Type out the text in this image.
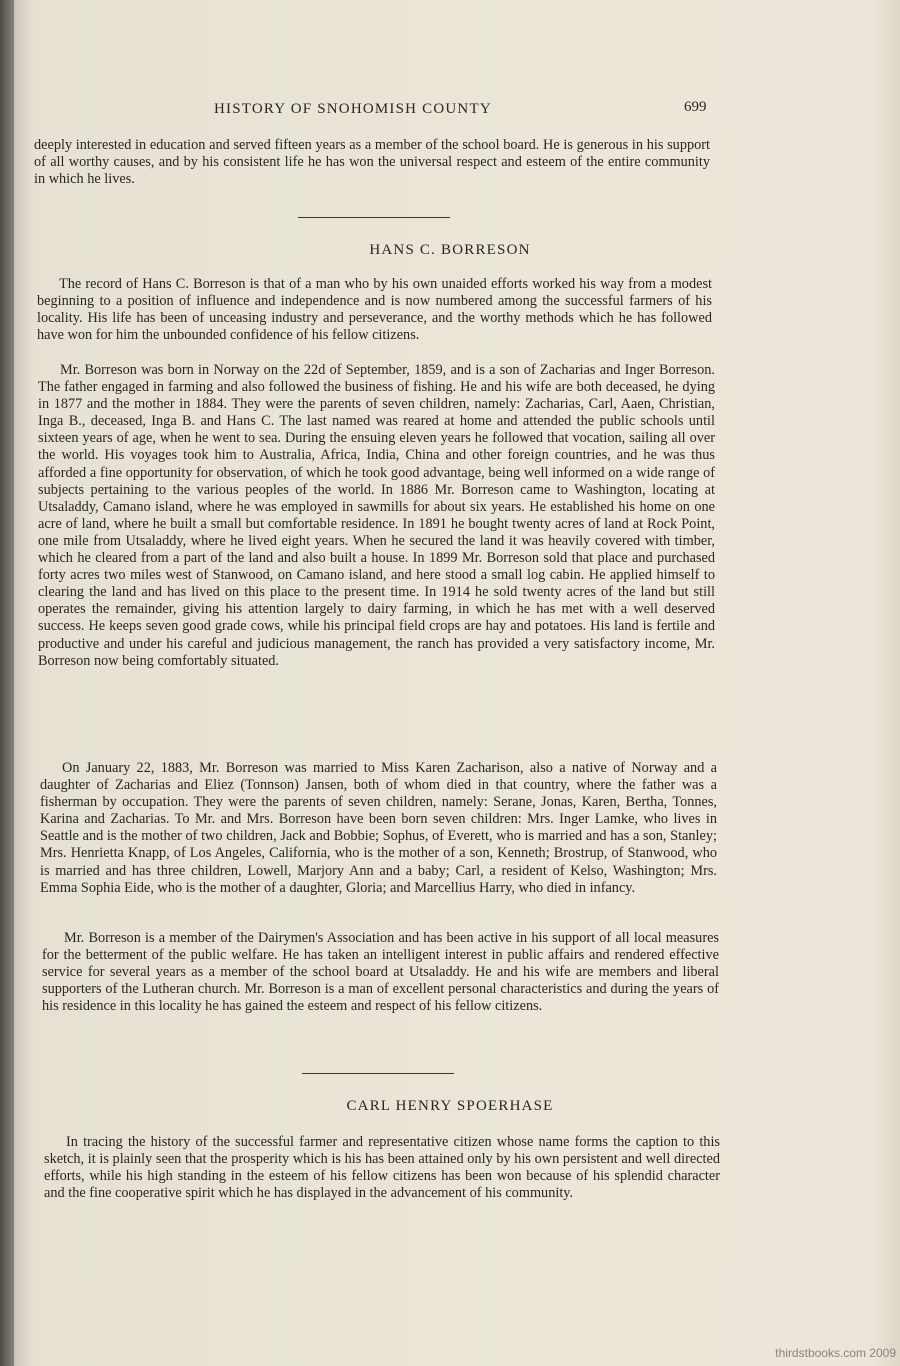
HISTORY OF SNOHOMISH COUNTY	699

deeply interested in education and served fifteen years as a member of the school board. He is generous in his support of all worthy causes, and by his consistent life he has won the universal respect and esteem of the entire community in which he lives.

HANS C. BORRESON

The record of Hans C. Borreson is that of a man who by his own unaided efforts worked his way from a modest beginning to a position of influence and independence and is now numbered among the successful farmers of his locality. His life has been of unceasing industry and perseverance, and the worthy methods which he has followed have won for him the unbounded confidence of his fellow citizens.

Mr. Borreson was born in Norway on the 22d of September, 1859, and is a son of Zacharias and Inger Borreson. The father engaged in farming and also followed the business of fishing. He and his wife are both deceased, he dying in 1877 and the mother in 1884. They were the parents of seven children, namely: Zacharias, Carl, Aaen, Christian, Inga B., deceased, Inga B. and Hans C. The last named was reared at home and attended the public schools until sixteen years of age, when he went to sea. During the ensuing eleven years he followed that vocation, sailing all over the world. His voyages took him to Australia, Africa, India, China and other foreign countries, and he was thus afforded a fine opportunity for observation, of which he took good advantage, being well informed on a wide range of subjects pertaining to the various peoples of the world. In 1886 Mr. Borreson came to Washington, locating at Utsaladdy, Camano island, where he was employed in sawmills for about six years. He established his home on one acre of land, where he built a small but comfortable residence. In 1891 he bought twenty acres of land at Rock Point, one mile from Utsaladdy, where he lived eight years. When he secured the land it was heavily covered with timber, which he cleared from a part of the land and also built a house. In 1899 Mr. Borreson sold that place and purchased forty acres two miles west of Stanwood, on Camano island, and here stood a small log cabin. He applied himself to clearing the land and has lived on this place to the present time. In 1914 he sold twenty acres of the land but still operates the remainder, giving his attention largely to dairy farming, in which he has met with a well deserved success. He keeps seven good grade cows, while his principal field crops are hay and potatoes. His land is fertile and productive and under his careful and judicious management, the ranch has provided a very satisfactory income, Mr. Borreson now being comfortably situated.

On January 22, 1883, Mr. Borreson was married to Miss Karen Zacharison, also a native of Norway and a daughter of Zacharias and Eliez (Tonnson) Jansen, both of whom died in that country, where the father was a fisherman by occupation. They were the parents of seven children, namely: Serane, Jonas, Karen, Bertha, Tonnes, Karina and Zacharias. To Mr. and Mrs. Borreson have been born seven children: Mrs. Inger Lamke, who lives in Seattle and is the mother of two children, Jack and Bobbie; Sophus, of Everett, who is married and has a son, Stanley; Mrs. Henrietta Knapp, of Los Angeles, California, who is the mother of a son, Kenneth; Brostrup, of Stanwood, who is married and has three children, Lowell, Marjory Ann and a baby; Carl, a resident of Kelso, Washington; Mrs. Emma Sophia Eide, who is the mother of a daughter, Gloria; and Marcellius Harry, who died in infancy.

Mr. Borreson is a member of the Dairymen's Association and has been active in his support of all local measures for the betterment of the public welfare. He has taken an intelligent interest in public affairs and rendered effective service for several years as a member of the school board at Utsaladdy. He and his wife are members and liberal supporters of the Lutheran church. Mr. Borreson is a man of excellent personal characteristics and during the years of his residence in this locality he has gained the esteem and respect of his fellow citizens.

CARL HENRY SPOERHASE

In tracing the history of the successful farmer and representative citizen whose name forms the caption to this sketch, it is plainly seen that the prosperity which is his has been attained only by his own persistent and well directed efforts, while his high standing in the esteem of his fellow citizens has been won because of his splendid character and the fine cooperative spirit which he has displayed in the advancement of his community.

thirdstbooks.com 2009
